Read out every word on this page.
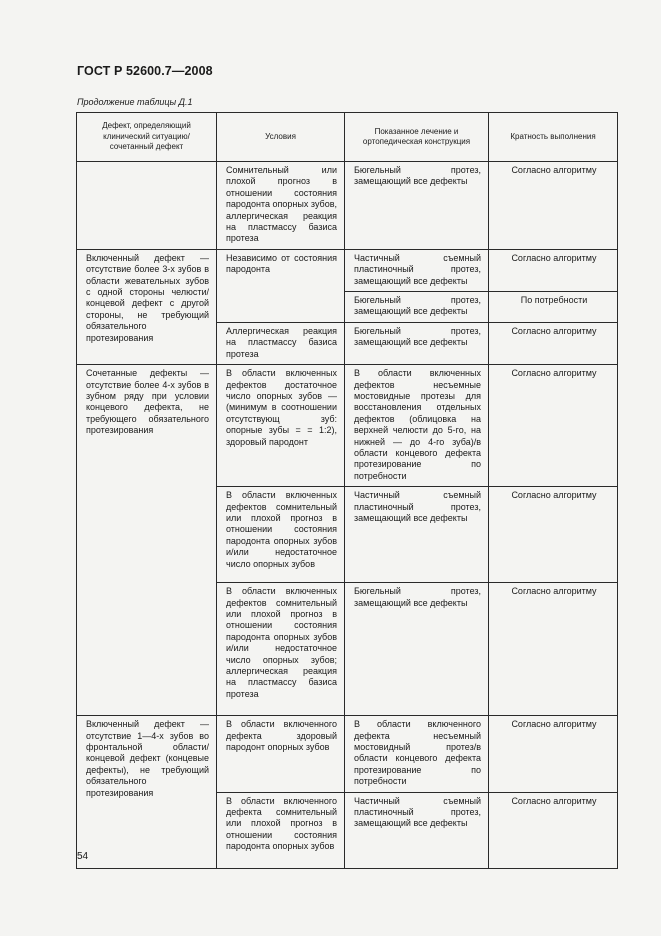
ГОСТ Р 52600.7—2008
Продолжение таблицы Д.1
Дефект, определяющий клинический ситуацию/сочетанный дефект	Условия	Показанное лечение и ортопедическая конструкция	Кратность выполнения
	Сомнительный или плохой прогноз в отношении состояния пародонта опорных зубов, аллергическая реакция на пластмассу базиса протеза	Бюгельный протез, замещающий все дефекты	Согласно алгоритму
Включенный дефект — отсутствие более 3-х зубов в области жевательных зубов с одной стороны челюсти/концевой дефект с другой стороны, не требующий обязательного протезирования	Независимо от состояния пародонта	Частичный съемный пластиночный протез, замещающий все дефекты	Согласно алгоритму
		Бюгельный протез, замещающий все дефекты	По потребности
	Аллергическая реакция на пластмассу базиса протеза	Бюгельный протез, замещающий все дефекты	Согласно алгоритму
Сочетанные дефекты — отсутствие более 4-х зубов в зубном ряду при условии концевого дефекта, не требующего обязательного протезирования	В области включенных дефектов достаточное число опорных зубов — (минимум в соотношении отсутствующ зуб: опорные зубы = = 1:2), здоровый пародонт	В области включенных дефектов несъемные мостовидные протезы для восстановления отдельных дефектов (облицовка на верхней челюсти до 5-го, на нижней — до 4-го зуба)/в области концевого дефекта протезирование по потребности	Согласно алгоритму
	В области включенных дефектов сомнительный или плохой прогноз в отношении состояния пародонта опорных зубов и/или недостаточное число опорных зубов	Частичный съемный пластиночный протез, замещающий все дефекты	Согласно алгоритму
	В области включенных дефектов сомнительный или плохой прогноз в отношении состояния пародонта опорных зубов и/или недостаточное число опорных зубов; аллергическая реакция на пластмассу базиса протеза	Бюгельный протез, замещающий все дефекты	Согласно алгоритму
Включенный дефект — отсутствие 1—4-х зубов во фронтальной области/концевой дефект (концевые дефекты), не требующий обязательного протезирования	В области включенного дефекта здоровый пародонт опорных зубов	В области включенного дефекта несъемный мостовидный протез/в области концевого дефекта протезирование по потребности	Согласно алгоритму
	В области включенного дефекта сомнительный или плохой прогноз в отношении состояния пародонта опорных зубов	Частичный съемный пластиночный протез, замещающий все дефекты	Согласно алгоритму
54
